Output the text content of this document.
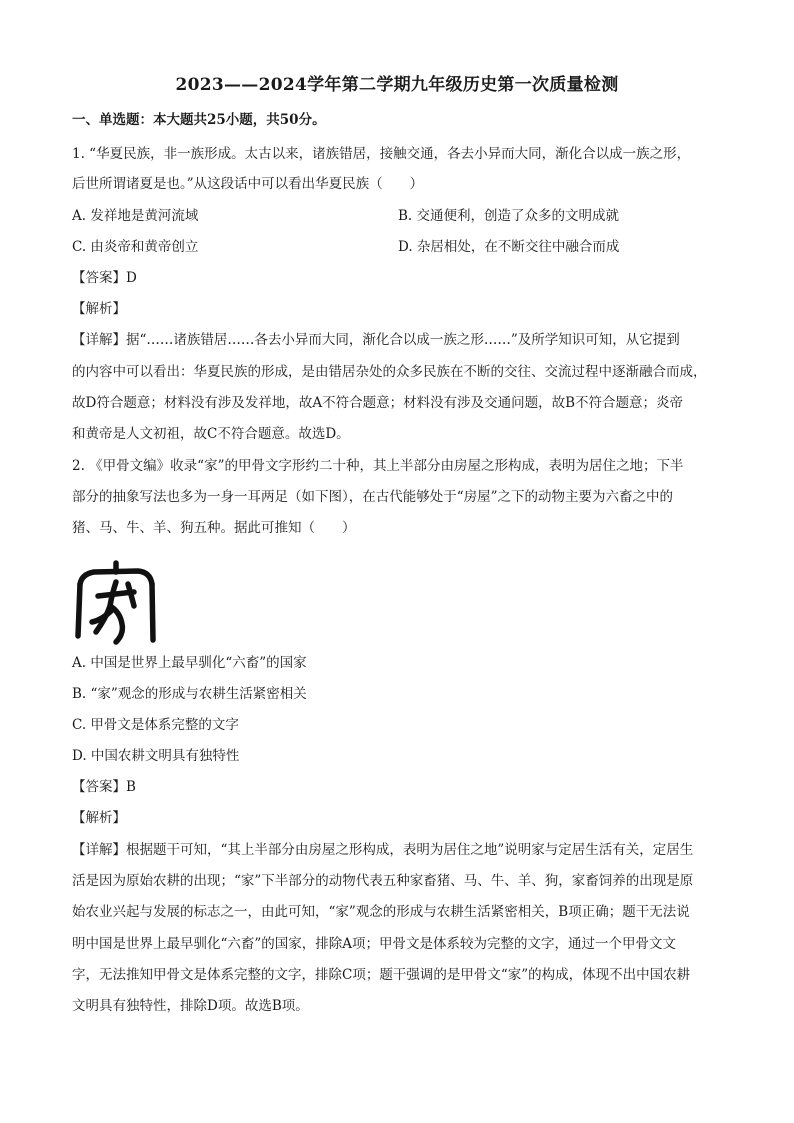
2023——2024学年第二学期九年级历史第一次质量检测
一、单选题：本大题共25小题，共50分。
1. “华夏民族，非一族形成。太古以来，诸族错居，接触交通，各去小异而大同，渐化合以成一族之形，
后世所谓诸夏是也。”从这段话中可以看出华夏民族（　　）
A. 发祥地是黄河流域	B. 交通便利，创造了众多的文明成就
C. 由炎帝和黄帝创立	D. 杂居相处，在不断交往中融合而成
【答案】D
【解析】
【详解】据“……诸族错居……各去小异而大同，渐化合以成一族之形……”及所学知识可知，从它提到
的内容中可以看出：华夏民族的形成，是由错居杂处的众多民族在不断的交往、交流过程中逐渐融合而成，
故D符合题意；材料没有涉及发祥地，故A不符合题意；材料没有涉及交通问题，故B不符合题意；炎帝
和黄帝是人文初祖，故C不符合题意。故选D。
2. 《甲骨文编》收录“家”的甲骨文字形约二十种，其上半部分由房屋之形构成，表明为居住之地；下半
部分的抽象写法也多为一身一耳两足（如下图），在古代能够处于“房屋”之下的动物主要为六畜之中的
猪、马、牛、羊、狗五种。据此可推知（　　）
A. 中国是世界上最早驯化“六畜”的国家
B. “家”观念的形成与农耕生活紧密相关
C. 甲骨文是体系完整的文字
D. 中国农耕文明具有独特性
【答案】B
【解析】
【详解】根据题干可知，“其上半部分由房屋之形构成，表明为居住之地”说明家与定居生活有关，定居生
活是因为原始农耕的出现；“家”下半部分的动物代表五种家畜猪、马、牛、羊、狗，家畜饲养的出现是原
始农业兴起与发展的标志之一，由此可知，“家”观念的形成与农耕生活紧密相关，B项正确；题干无法说
明中国是世界上最早驯化“六畜”的国家，排除A项；甲骨文是体系较为完整的文字，通过一个甲骨文文
字，无法推知甲骨文是体系完整的文字，排除C项；题干强调的是甲骨文“家”的构成，体现不出中国农耕
文明具有独特性，排除D项。故选B项。
